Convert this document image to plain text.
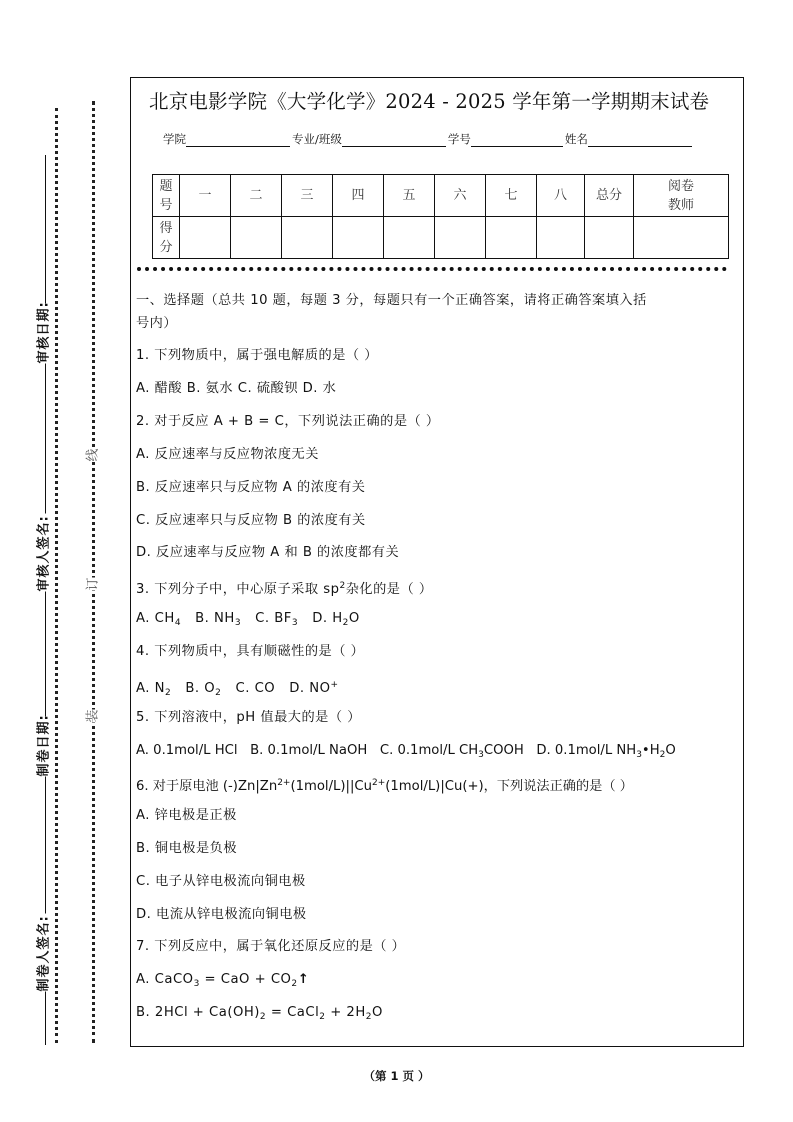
审核日期:
审核人签名:
制卷日期:
制卷人签名:
线
订
装
北京电影学院《大学化学》2024 - 2025 学年第一学期期末试卷
学院	专业/班级	学号	姓名
题
号	一	二	三	四	五	六	七	八	总分	阅卷
教师
得
分										
一、选择题（总共 10 题，每题 3 分，每题只有一个正确答案，请将正确答案填入括
号内）
1. 下列物质中，属于强电解质的是（ ）
A. 醋酸 B. 氨水 C. 硫酸钡 D. 水
2. 对于反应 A + B = C，下列说法正确的是（ ）
A. 反应速率与反应物浓度无关
B. 反应速率只与反应物 A 的浓度有关
C. 反应速率只与反应物 B 的浓度有关
D. 反应速率与反应物 A 和 B 的浓度都有关
3. 下列分子中，中心原子采取 $sp^2$杂化的是（ ）
A. $CH_4$ B. $NH_3$ C. $BF_3$ D. $H_2O$
4. 下列物质中，具有顺磁性的是（ ）
A. $N_2$ B. $O_2$ C. CO D. NO+
5. 下列溶液中，pH 值最大的是（ ）
A. 0.1mol/L HCl B. 0.1mol/L NaOH C. 0.1mol/L $CH_3COOH$ D. 0.1mol/L $NH_3•H_2O$
6. 对于原电池 $(-)Zn|Zn^{2+}(1mol/L)||Cu^{2+}(1mol/L)|Cu(+)$，下列说法正确的是（ ）
A. 锌电极是正极
B. 铜电极是负极
C. 电子从锌电极流向铜电极
D. 电流从锌电极流向铜电极
7. 下列反应中，属于氧化还原反应的是（ ）
A. CaCO$_3$ = CaO + $CO_2↑$
B. $2HCl + Ca(OH)_2$ = CaCl$_2$ + $2H_2O$
（第 1 页 ）
